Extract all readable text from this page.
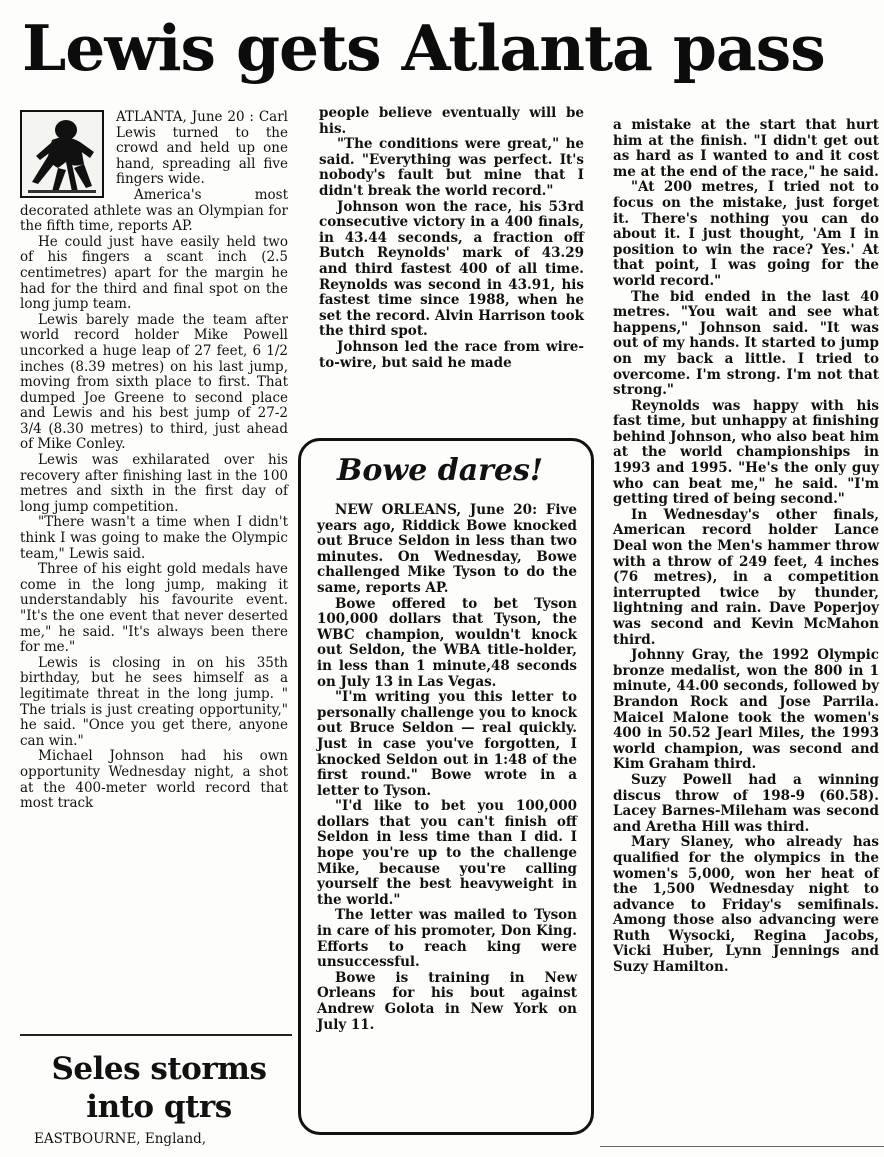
Lewis gets Atlanta pass

ATLANTA, June 20 : Carl Lewis turned to the crowd and held up one hand, spreading all five fingers wide.

America's most decorated athlete was an Olympian for the fifth time, reports AP.

He could just have easily held two of his fingers a scant inch (2.5 centimetres) apart for the margin he had for the third and final spot on the long jump team.

Lewis barely made the team after world record holder Mike Powell uncorked a huge leap of 27 feet, 6 1/2 inches (8.39 metres) on his last jump, moving from sixth place to first. That dumped Joe Greene to second place and Lewis and his best jump of 27-2 3/4 (8.30 metres) to third, just ahead of Mike Conley.

Lewis was exhilarated over his recovery after finishing last in the 100 metres and sixth in the first day of long jump competition.

"There wasn't a time when I didn't think I was going to make the Olympic team," Lewis said.

Three of his eight gold medals have come in the long jump, making it understandably his favourite event. "It's the one event that never deserted me," he said. "It's always been there for me."

Lewis is closing in on his 35th birthday, but he sees himself as a legitimate threat in the long jump. " The trials is just creating opportunity," he said. "Once you get there, anyone can win."

Michael Johnson had his own opportunity Wednesday night, a shot at the 400-meter world record that most track

people believe eventually will be his.

"The conditions were great," he said. "Everything was perfect. It's nobody's fault but mine that I didn't break the world record."

Johnson won the race, his 53rd consecutive victory in a 400 finals, in 43.44 seconds, a fraction off Butch Reynolds' mark of 43.29 and third fastest 400 of all time. Reynolds was second in 43.91, his fastest time since 1988, when he set the record. Alvin Harrison took the third spot.

Johnson led the race from wire-to-wire, but said he made

Bowe dares!

NEW ORLEANS, June 20: Five years ago, Riddick Bowe knocked out Bruce Seldon in less than two minutes. On Wednesday, Bowe challenged Mike Tyson to do the same, reports AP.

Bowe offered to bet Tyson 100,000 dollars that Tyson, the WBC champion, wouldn't knock out Seldon, the WBA title-holder, in less than 1 minute,48 seconds on July 13 in Las Vegas.

"I'm writing you this letter to personally challenge you to knock out Bruce Seldon — real quickly. Just in case you've forgotten, I knocked Seldon out in 1:48 of the first round." Bowe wrote in a letter to Tyson.

"I'd like to bet you 100,000 dollars that you can't finish off Seldon in less time than I did. I hope you're up to the challenge Mike, because you're calling yourself the best heavyweight in the world."

The letter was mailed to Tyson in care of his promoter, Don King. Efforts to reach king were unsuccessful.

Bowe is training in New Orleans for his bout against Andrew Golota in New York on July 11.

a mistake at the start that hurt him at the finish. "I didn't get out as hard as I wanted to and it cost me at the end of the race," he said.

"At 200 metres, I tried not to focus on the mistake, just forget it. There's nothing you can do about it. I just thought, 'Am I in position to win the race? Yes.' At that point, I was going for the world record."

The bid ended in the last 40 metres. "You wait and see what happens," Johnson said. "It was out of my hands. It started to jump on my back a little. I tried to overcome. I'm strong. I'm not that strong."

Reynolds was happy with his fast time, but unhappy at finishing behind Johnson, who also beat him at the world championships in 1993 and 1995. "He's the only guy who can beat me," he said. "I'm getting tired of being second."

In Wednesday's other finals, American record holder Lance Deal won the Men's hammer throw with a throw of 249 feet, 4 inches (76 metres), in a competition interrupted twice by thunder, lightning and rain. Dave Poperjoy was second and Kevin McMahon third.

Johnny Gray, the 1992 Olympic bronze medalist, won the 800 in 1 minute, 44.00 seconds, followed by Brandon Rock and Jose Parrila. Maicel Malone took the women's 400 in 50.52 Jearl Miles, the 1993 world champion, was second and Kim Graham third.

Suzy Powell had a winning discus throw of 198-9 (60.58). Lacey Barnes-Mileham was second and Aretha Hill was third.

Mary Slaney, who already has qualified for the olympics in the women's 5,000, won her heat of the 1,500 Wednesday night to advance to Friday's semifinals. Among those also advancing were Ruth Wysocki, Regina Jacobs, Vicki Huber, Lynn Jennings and Suzy Hamilton.

Seles storms
into qtrs
EASTBOURNE, England,
